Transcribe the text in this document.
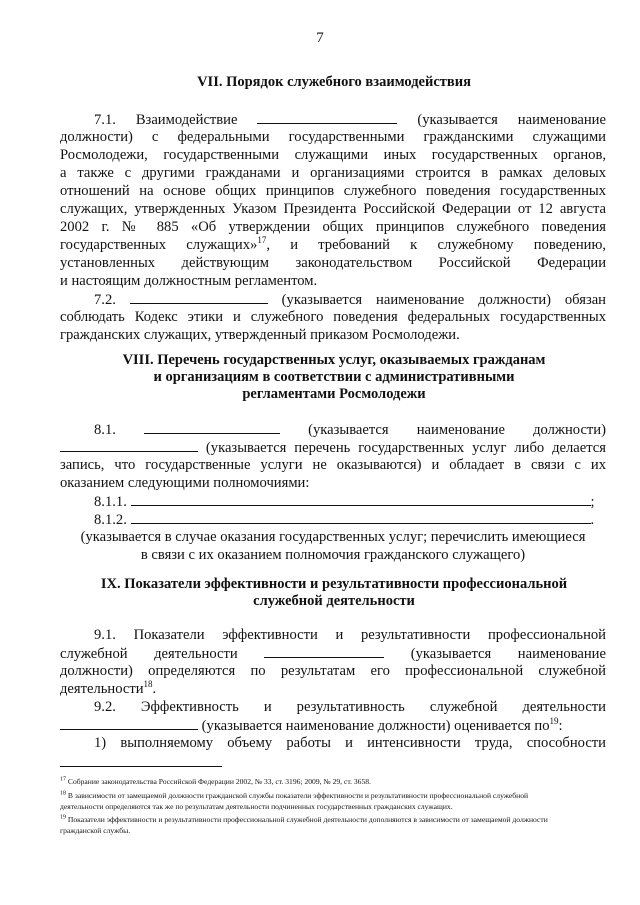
7
VII. Порядок служебного взаимодействия
7.1. Взаимодействие	(указывается наименование
должности) с федеральными государственными гражданскими служащими
Росмолодежи, государственными служащими иных государственных органов,
а также с другими гражданами и организациями строится в рамках деловых
отношений на основе общих принципов служебного поведения государственных
служащих, утвержденных Указом Президента Российской Федерации от 12 августа
2002 г. № 885 «Об утверждении общих принципов служебного поведения
государственных служащих»$^{17}$, и требований к служебному поведению,
установленных действующим законодательством Российской Федерации
и настоящим должностным регламентом.
7.2.	(указывается наименование должности) обязан
соблюдать Кодекс этики и служебного поведения федеральных государственных
гражданских служащих, утвержденный приказом Росмолодежи.
VIII. Перечень государственных услуг, оказываемых гражданам
и организациям в соответствии с административными
регламентами Росмолодежи
8.1.	(указывается наименование должности)
(указывается перечень государственных услуг либо делается
запись, что государственные услуги не оказываются) и обладает в связи с их
оказанием следующими полномочиями:
8.1.1.	;
8.1.2.	.
(указывается в случае оказания государственных услуг; перечислить имеющиеся
в связи с их оказанием полномочия гражданского служащего)
IX. Показатели эффективности и результативности профессиональной
служебной деятельности
9.1. Показатели эффективности и результативности профессиональной
служебной деятельности	(указывается наименование
должности) определяются по результатам его профессиональной служебной
деятельности$^{18}$.
9.2. Эффективность и результативность служебной деятельности
(указывается наименование должности) оценивается $по^{19}$:
1) выполняемому объему работы и интенсивности труда, способности
$^{17}$ Собрание законодательства Российской Федерации 2002, № 33, ст. 3196; 2009, № 29, ст. 3658.
$^{18}$ В зависимости от замещаемой должности гражданской службы показатели эффективности и результативности профессиональной служебной
деятельности определяются так же по результатам деятельности подчиненных государственных гражданских служащих.
$^{19}$ Показатели эффективности и результативности профессиональной служебной деятельности дополняются в зависимости от замещаемой должности
гражданской службы.
